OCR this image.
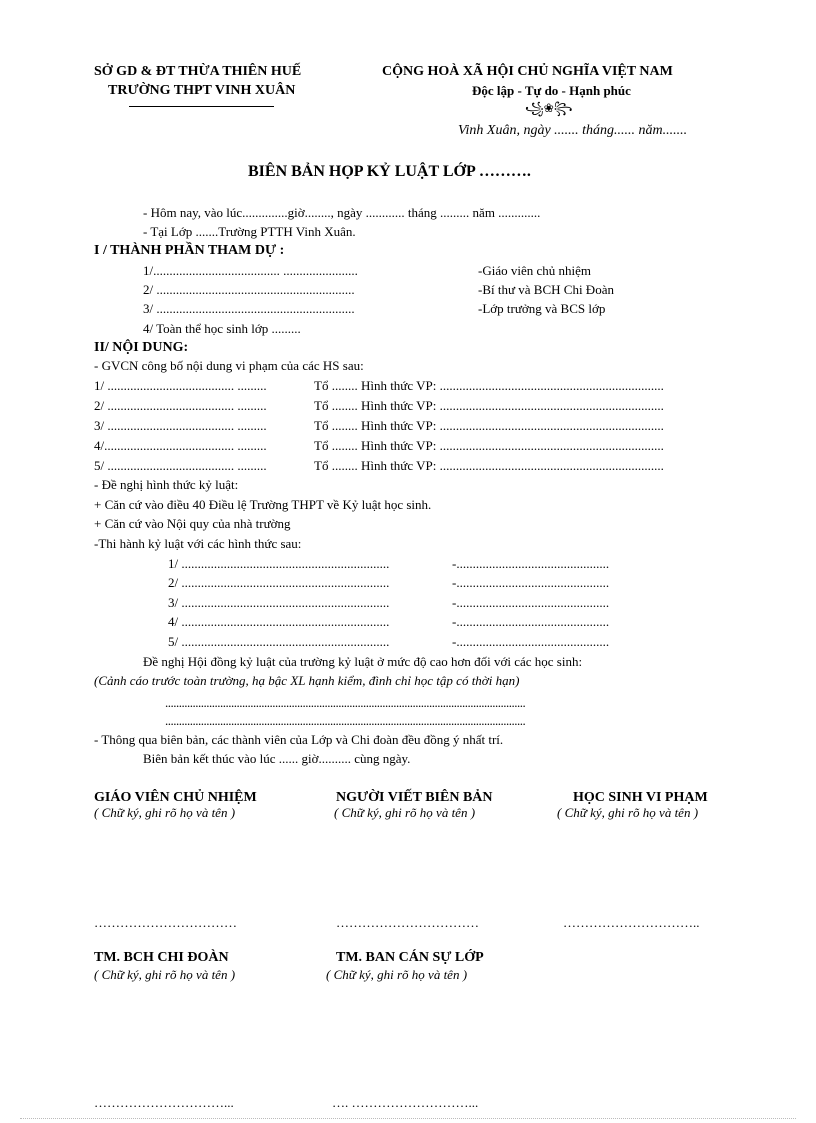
SỞ GD & ĐT THỪA THIÊN HUẾ
TRƯỜNG THPT VINH XUÂN
CỘNG HOÀ XÃ HỘI CHỦ NGHĨA VIỆT NAM
Độc lập - Tự do - Hạnh phúc
꧁❀꧂
Vinh Xuân, ngày ....... tháng...... năm.......
BIÊN BẢN HỌP KỶ LUẬT LỚP ……….
- Hôm nay, vào lúc..............giờ........, ngày ............ tháng ......... năm .............
- Tại Lớp .......Trường PTTH Vinh Xuân.
I / THÀNH PHẦN THAM DỰ :
1/....................................... .......................	-Giáo viên chủ nhiệm
2/ .............................................................	-Bí thư và BCH Chi Đoàn
3/ .............................................................	-Lớp trưởng và BCS lớp
4/ Toàn thể học sinh lớp .........
II/ NỘI DUNG:
- GVCN công bố nội dung vi phạm của các HS sau:
1/ ....................................... .........	Tổ ........ Hình thức VP: .....................................................................
2/ ....................................... .........	Tổ ........ Hình thức VP: .....................................................................
3/ ....................................... .........	Tổ ........ Hình thức VP: .....................................................................
4/........................................ .........	Tổ ........ Hình thức VP: .....................................................................
5/ ....................................... .........	Tổ ........ Hình thức VP: .....................................................................
- Đề nghị hình thức kỷ luật:
+ Căn cứ vào điều 40 Điều lệ Trường THPT về Kỷ luật học sinh.
+ Căn cứ vào Nội quy của nhà trường
-Thi hành kỷ luật với các hình thức sau:
1/ ................................................................	-...............................................
2/ ................................................................	-...............................................
3/ ................................................................	-...............................................
4/ ................................................................	-...............................................
5/ ................................................................	-...............................................
Đề nghị Hội đồng kỷ luật của trường kỷ luật ở mức độ cao hơn đối với các học sinh:
(Cảnh cáo trước toàn trường, hạ bậc XL hạnh kiểm, đình chỉ học tập có thời hạn)
...................................................................................................................................
...................................................................................................................................
- Thông qua biên bản, các thành viên của Lớp và Chi đoàn đều đồng ý nhất trí.
Biên bản kết thúc vào lúc ...... giờ.......... cùng ngày.
GIÁO VIÊN CHỦ NHIỆM
( Chữ ký, ghi rõ họ và tên )
NGƯỜI VIẾT BIÊN BẢN
( Chữ ký, ghi rõ họ và tên )
HỌC SINH VI PHẠM
( Chữ ký, ghi rõ họ và tên )
……………………………	……………………………	…………………………..
TM. BCH CHI ĐOÀN
( Chữ ký, ghi rõ họ và tên )
TM. BAN CÁN SỰ LỚP
( Chữ ký, ghi rõ họ và tên )
…………………………...	…. ………………………...
